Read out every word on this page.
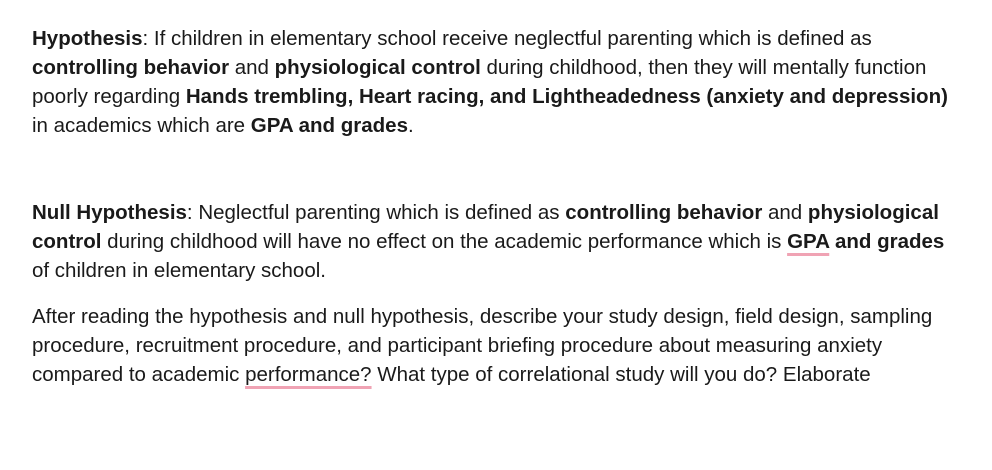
Hypothesis: If children in elementary school receive neglectful parenting which is defined as controlling behavior and physiological control during childhood, then they will mentally function poorly regarding Hands trembling, Heart racing, and Lightheadedness (anxiety and depression) in academics which are GPA and grades.

Null Hypothesis: Neglectful parenting which is defined as controlling behavior and physiological control during childhood will have no effect on the academic performance which is GPA and grades of children in elementary school.

After reading the hypothesis and null hypothesis, describe your study design, field design, sampling procedure, recruitment procedure, and participant briefing procedure about measuring anxiety compared to academic performance? What type of correlational study will you do? Elaborate
